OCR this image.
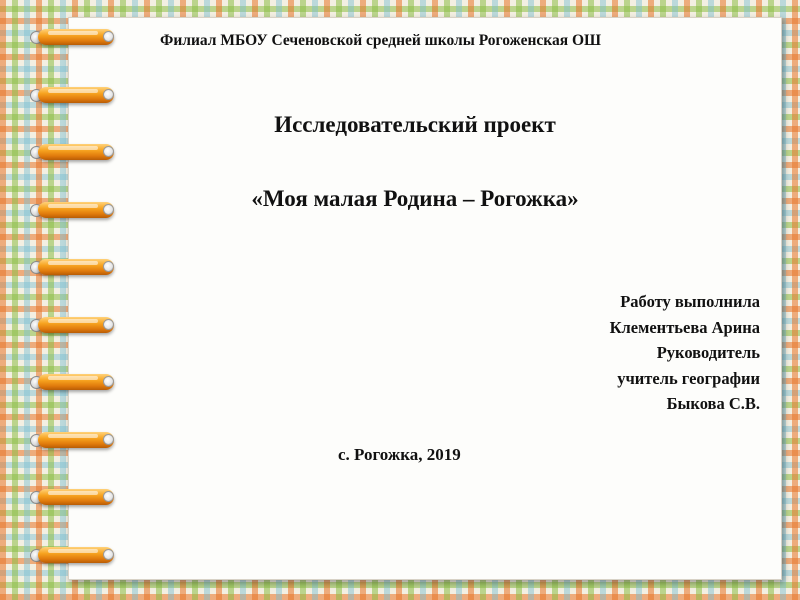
Филиал МБОУ Сеченовской средней школы Рогоженская ОШ
Исследовательский проект
«Моя малая Родина – Рогожка»
Работу выполнила
Клементьева Арина
Руководитель
учитель географии
Быкова С.В.
с. Рогожка, 2019
